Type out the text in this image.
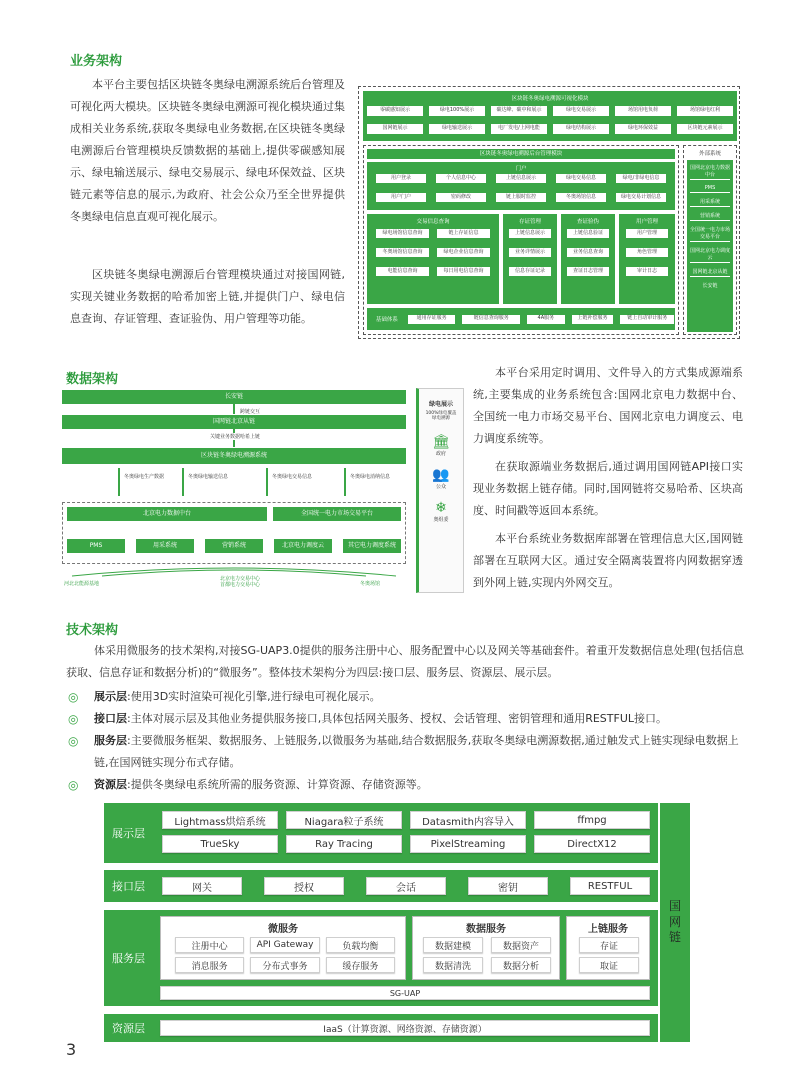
业务架构
本平台主要包括区块链冬奥绿电溯源系统后台管理及可视化两大模块。区块链冬奥绿电溯源可视化模块通过集成相关业务系统,获取冬奥绿电业务数据,在区块链冬奥绿电溯源后台管理模块反馈数据的基础上,提供零碳感知展示、绿电输送展示、绿电交易展示、绿电环保效益、区块链元素等信息的展示,为政府、社会公众乃至全世界提供冬奥绿电信息直观可视化展示。
区块链冬奥绿电溯源后台管理模块通过对接国网链,实现关键业务数据的哈希加密上链,并提供门户、绿电信息查询、存证管理、查证验伪、用户管理等功能。
区块链冬奥绿电溯源可视化模块
零碳感知展示	绿电100%展示	碳达峰、碳中和展示	绿电交易展示	场馆用电负荷	场馆绿电红利
国网链展示	绿电输送展示	电厂发电/上网电能	绿电结构展示	绿电环保效益	区块链元素展示
区块链冬奥绿电溯源后台管理模块
门户
用户登录	个人信息中心	上链信息展示	绿电交易信息	绿电/非绿电信息
用户门户	密码修改	链上服时监控	冬奥场馆信息	绿电交易计划信息
交易信息查询
绿电场馆信息查询	链上存证信息
冬奥场馆信息查询	绿电企业信息查询
电能信息查询	每日用电信息查询
存证管理
上链信息展示
业务详情展示
信息存证记录
查证验伪
上链信息验证
业务信息查询
查证日志管理
用户管理
用户管理
角色管理
审计日志
基础体系	通用存证服务	链信息查询服务	4A服务	上链补偿服务	链上自动审计服务
外部系统
国网北京电力数据中台
PMS
用采系统
营销系统
全国统一电力市场交易平台
国网北京电力调度云
国网链北京从链
长安链
数据架构	本平台采用定时调用、文件导入的方式集成源端系统,主要集成的业务系统包含:国网北京电力数据中台、全国统一电力市场交易平台、国网北京电力调度云、电力调度系统等。
在获取源端业务数据后,通过调用国网链API接口实现业务数据上链存储。同时,国网链将交易哈希、区块高度、时间戳等返回本系统。
本平台系统业务数据库部署在管理信息大区,国网链部署在互联网大区。通过安全隔离装置将内网数据穿透到外网上链,实现内外网交互。
长安链
跨链交互
国网链北京从链
关键业务数据哈希上链
区块链冬奥绿电溯源系统
冬奥绿电生产数据	冬奥绿电输送信息	冬奥绿电交易信息	冬奥绿电消纳信息
北京电力数据中台	全国统一电力市场交易平台
PMS	用采系统	营销系统	北京电力调度云	其它电力调度系统
河北北能源基地
北京电力交易中心
首都电力交易中心	冬奥场馆
绿电展示
100%绿电覆盖
绿电溯源
🏛
政府
👥
公众
❄
奥组委
技术架构
体采用微服务的技术架构,对接SG-UAP3.0提供的服务注册中心、服务配置中心以及网关等基础套件。着重开发数据信息处理(包括信息获取、信息存证和数据分析)的“微服务”。整体技术架构分为四层:接口层、服务层、资源层、展示层。
◎ 展示层:使用3D实时渲染可视化引擎,进行绿电可视化展示。
◎ 接口层:主体对展示层及其他业务提供服务接口,具体包括网关服务、授权、会话管理、密钥管理和通用RESTFUL接口。
◎ 服务层:主要微服务框架、数据服务、上链服务,以微服务为基础,结合数据服务,获取冬奥绿电溯源数据,通过触发式上链实现绿电数据上链,在国网链实现分布式存储。
◎ 资源层:提供冬奥绿电系统所需的服务资源、计算资源、存储资源等。
展示层
Lightmass烘焙系统	Niagara粒子系统	Datasmith内容导入	ffmpg
TrueSky	Ray Tracing	PixelStreaming	DirectX12
接口层	网关	授权	会话	密钥	RESTFUL
服务层
微服务
注册中心	API Gateway	负载均衡
消息服务	分布式事务	缓存服务
数据服务
数据建模	数据资产
数据清洗	数据分析
上链服务
存证
取证
SG-UAP
资源层	IaaS（计算资源、网络资源、存储资源）
国
网
链
3
